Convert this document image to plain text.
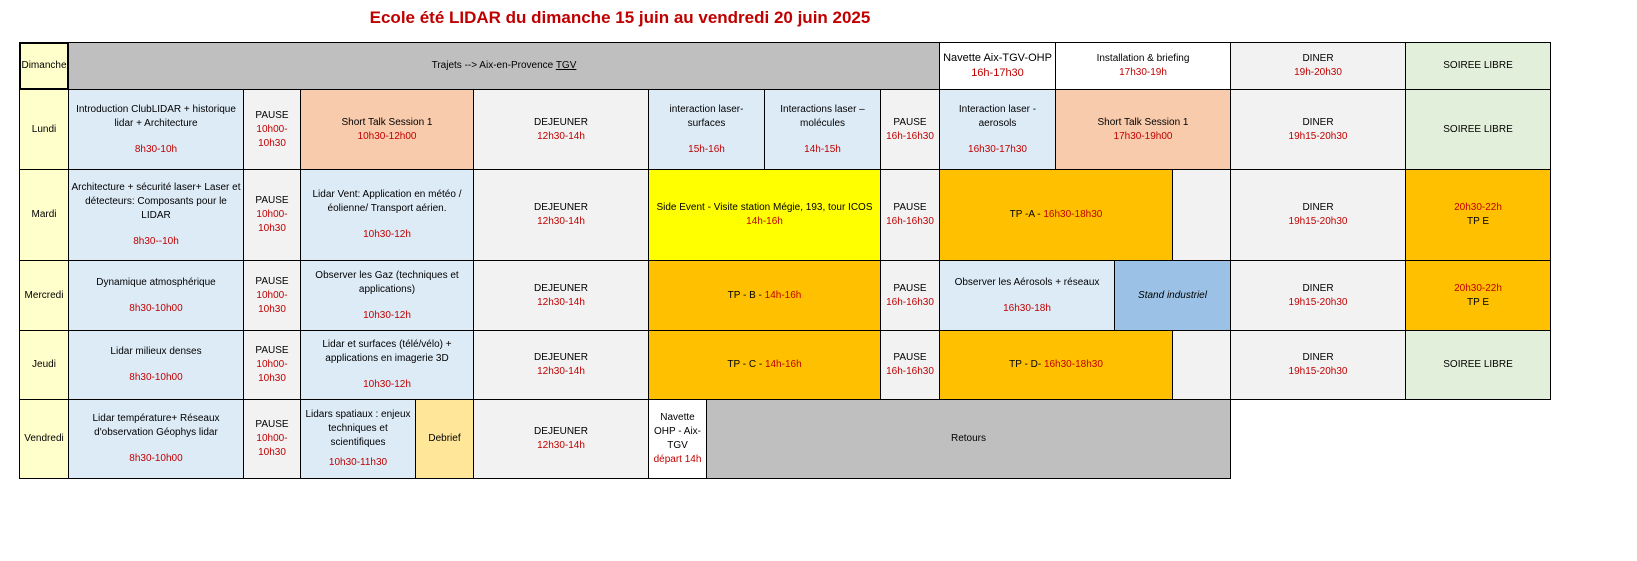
Ecole été LIDAR du dimanche 15 juin au vendredi 20 juin 2025
Dimanche	Trajets --> Aix-en-Provence TGV
Navette Aix-TGV-OHP
16h-17h30
Installation & briefing
17h30-19h
DINER
19h-20h30
SOIREE LIBRE
Lundi
Introduction ClubLIDAR + historique
lidar + Architecture
8h30-10h
PAUSE
10h00-
10h30
Short Talk Session 1
10h30-12h00
DEJEUNER
12h30-14h
interaction laser-surfaces
15h-16h
Interactions laser –
molécules
14h-15h
PAUSE
16h-16h30
Interaction laser -
aerosols
16h30-17h30
Short Talk Session 1
17h30-19h00
DINER
19h15-20h30
SOIREE LIBRE
Mardi
Architecture + sécurité laser+ Laser et
détecteurs: Composants pour le LIDAR
8h30--10h
PAUSE
10h00-
10h30
Lidar Vent: Application en météo /
éolienne/ Transport aérien.
10h30-12h
DEJEUNER
12h30-14h
Side Event - Visite station Mégie, 193, tour ICOS
14h-16h
PAUSE
16h-16h30
TP -A - 16h30-18h30
DINER
19h15-20h30
20h30-22h
TP E
Mercredi
Dynamique atmosphérique
8h30-10h00
PAUSE
10h00-
10h30
Observer les Gaz (techniques et
applications)
10h30-12h
DEJEUNER
12h30-14h
TP - B - 14h-16h
PAUSE
16h-16h30
Observer les Aérosols + réseaux
16h30-18h
Stand industriel
DINER
19h15-20h30
20h30-22h
TP E
Jeudi
Lidar milieux denses
8h30-10h00
PAUSE
10h00-
10h30
Lidar et surfaces (télé/vélo) +
applications en imagerie 3D
10h30-12h
DEJEUNER
12h30-14h
TP - C - 14h-16h
PAUSE
16h-16h30
TP - D- 16h30-18h30
DINER
19h15-20h30
SOIREE LIBRE
Vendredi
Lidar température+ Réseaux
d'observation Géophys lidar
8h30-10h00
PAUSE
10h00-
10h30
Lidars spatiaux : enjeux
techniques et
scientifiques
10h30-11h30
Debrief
DEJEUNER
12h30-14h
Navette
OHP - Aix-
TGV
départ 14h
Retours
